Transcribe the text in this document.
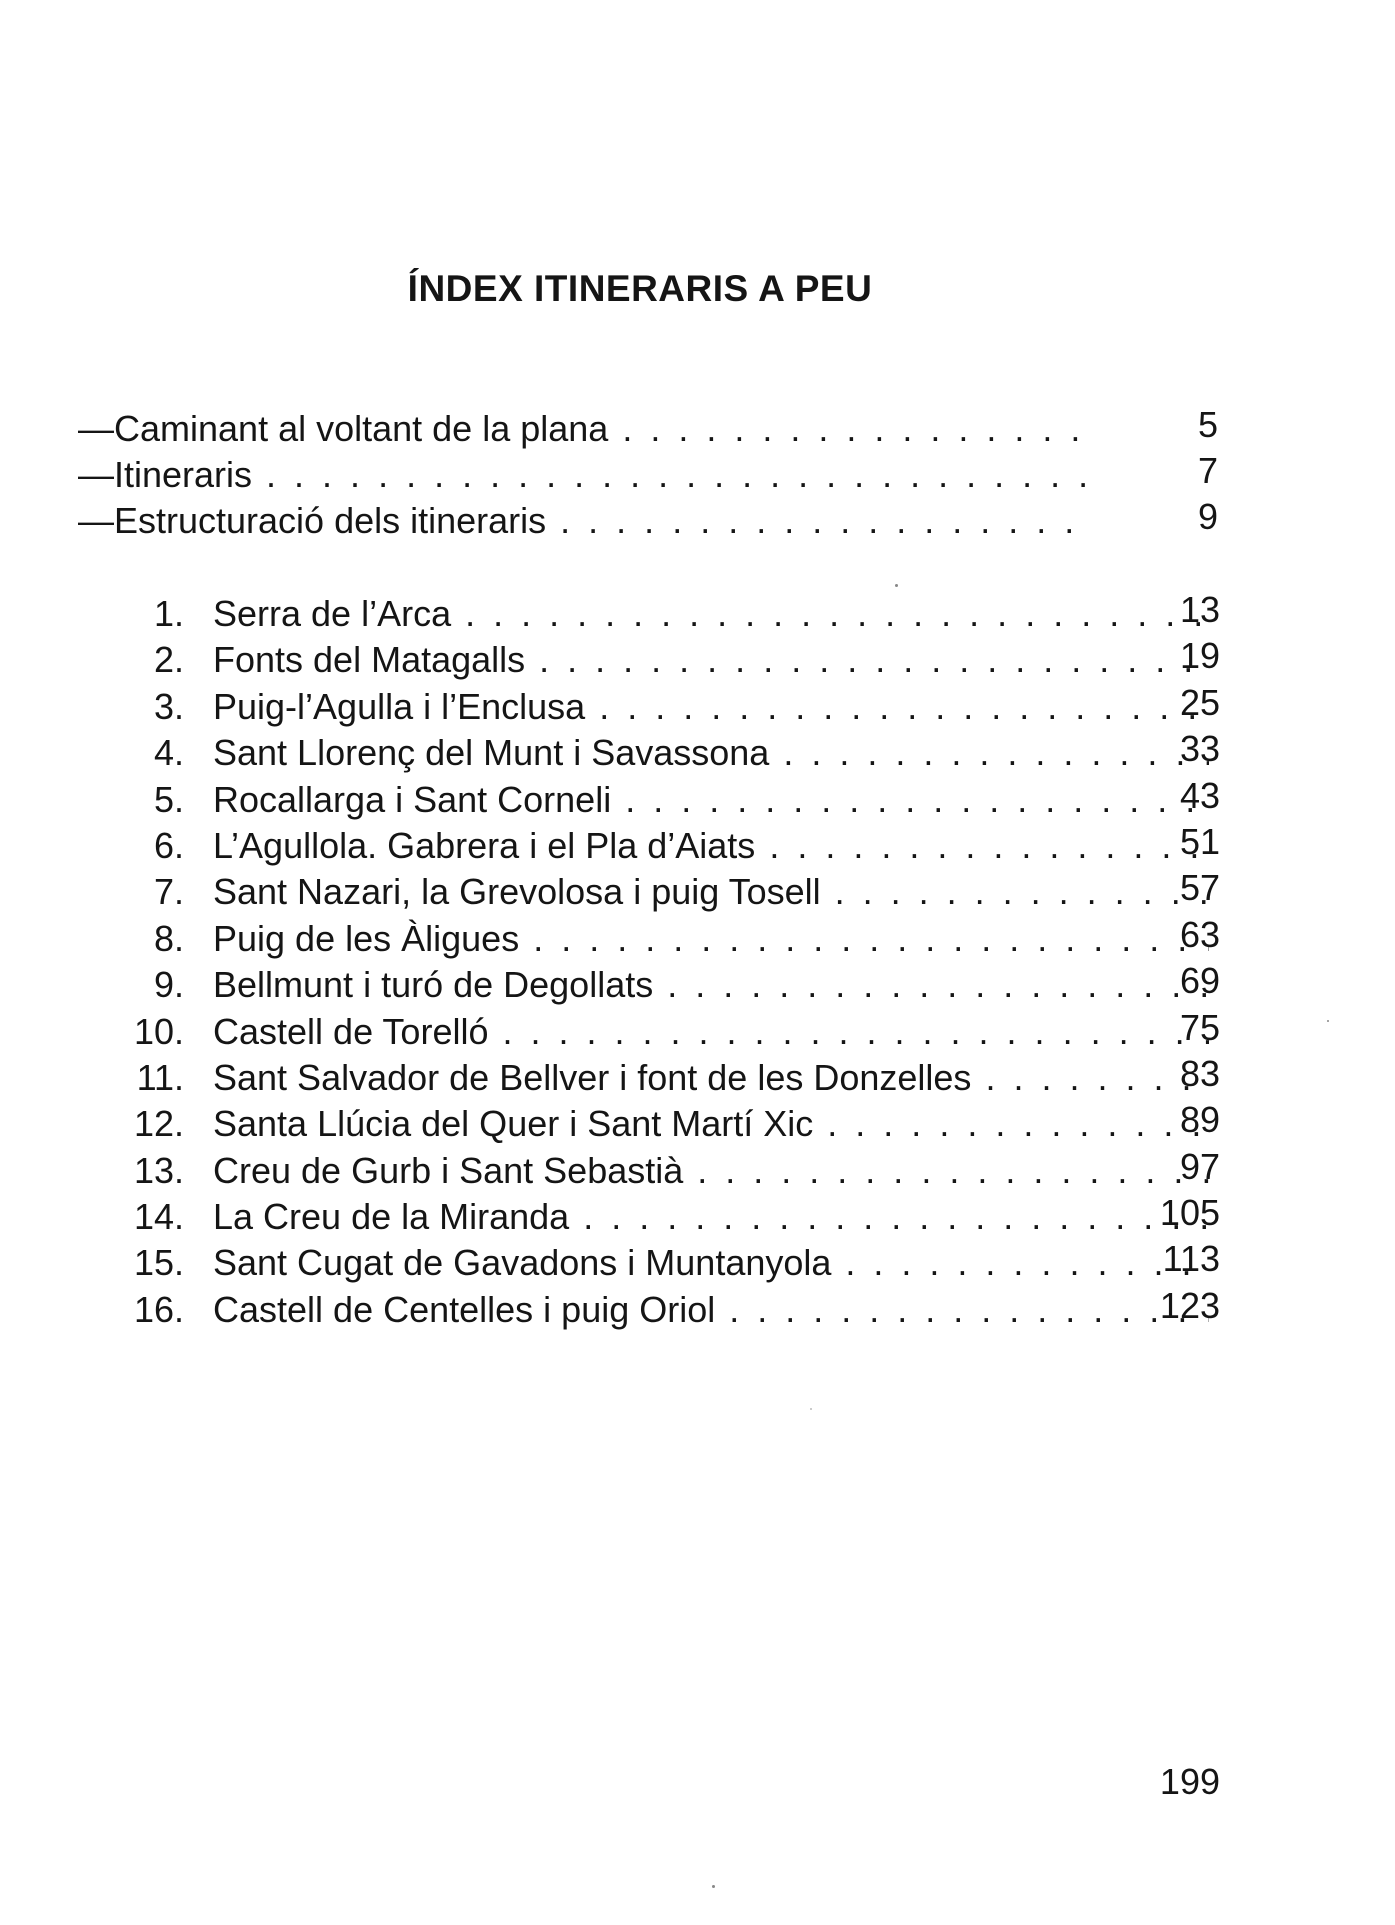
ÍNDEX ITINERARIS A PEU
—Caminant al voltant de la plana . . .	5
—Itineraris . . .	7
—Estructuració dels itineraris . . .	9
1. Serra de l’Arca . . .	13
2. Fonts del Matagalls . . .	19
3. Puig-l’Agulla i l’Enclusa . . .	25
4. Sant Llorenç del Munt i Savassona . . .	33
5. Rocallarga i Sant Corneli . . .	43
6. L’Agullola. Gabrera i el Pla d’Aiats . . .	51
7. Sant Nazari, la Grevolosa i puig Tosell . . .	57
8. Puig de les Àligues . . .	63
9. Bellmunt i turó de Degollats . . .	69
10. Castell de Torelló . . .	75
11. Sant Salvador de Bellver i font de les Donzelles . . .	83
12. Santa Llúcia del Quer i Sant Martí Xic . . .	89
13. Creu de Gurb i Sant Sebastià . . .	97
14. La Creu de la Miranda . . .	105
15. Sant Cugat de Gavadons i Muntanyola . . .	113
16. Castell de Centelles i puig Oriol . . .	123
199
